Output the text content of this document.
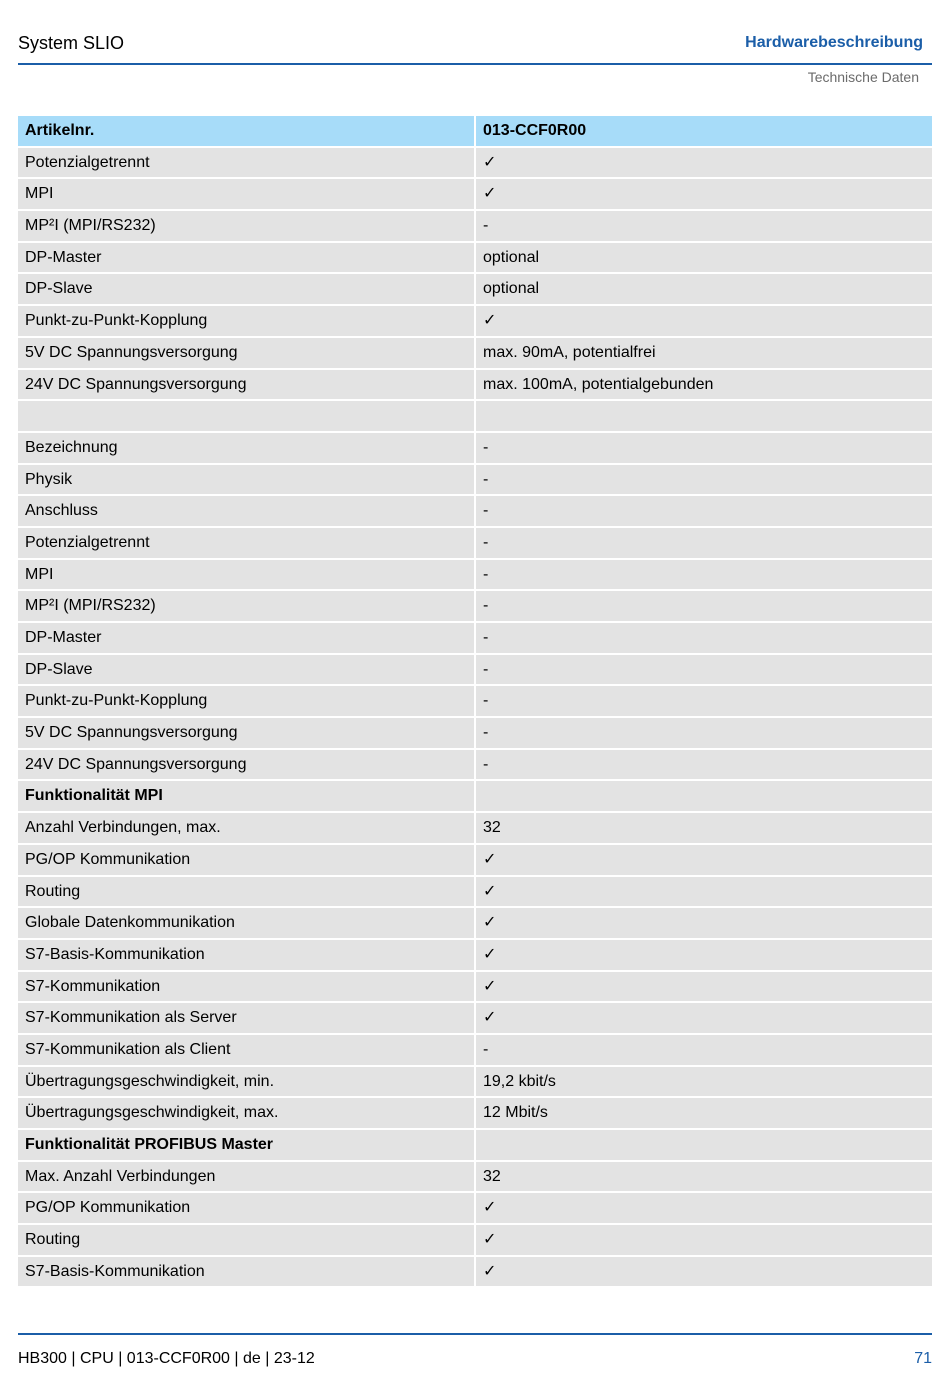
System SLIO	Hardwarebeschreibung
Technische Daten
Artikelnr.	013-CCF0R00
Potenzialgetrennt	✓
MPI	✓
MP²I (MPI/RS232)	-
DP-Master	optional
DP-Slave	optional
Punkt-zu-Punkt-Kopplung	✓
5V DC Spannungsversorgung	max. 90mA, potentialfrei
24V DC Spannungsversorgung	max. 100mA, potentialgebunden
Bezeichnung	-
Physik	-
Anschluss	-
Potenzialgetrennt	-
MPI	-
MP²I (MPI/RS232)	-
DP-Master	-
DP-Slave	-
Punkt-zu-Punkt-Kopplung	-
5V DC Spannungsversorgung	-
24V DC Spannungsversorgung	-
Funktionalität MPI
Anzahl Verbindungen, max.	32
PG/OP Kommunikation	✓
Routing	✓
Globale Datenkommunikation	✓
S7-Basis-Kommunikation	✓
S7-Kommunikation	✓
S7-Kommunikation als Server	✓
S7-Kommunikation als Client	-
Übertragungsgeschwindigkeit, min.	19,2 kbit/s
Übertragungsgeschwindigkeit, max.	12 Mbit/s
Funktionalität PROFIBUS Master
Max. Anzahl Verbindungen	32
PG/OP Kommunikation	✓
Routing	✓
S7-Basis-Kommunikation	✓
HB300 | CPU | 013-CCF0R00 | de | 23-12	71
